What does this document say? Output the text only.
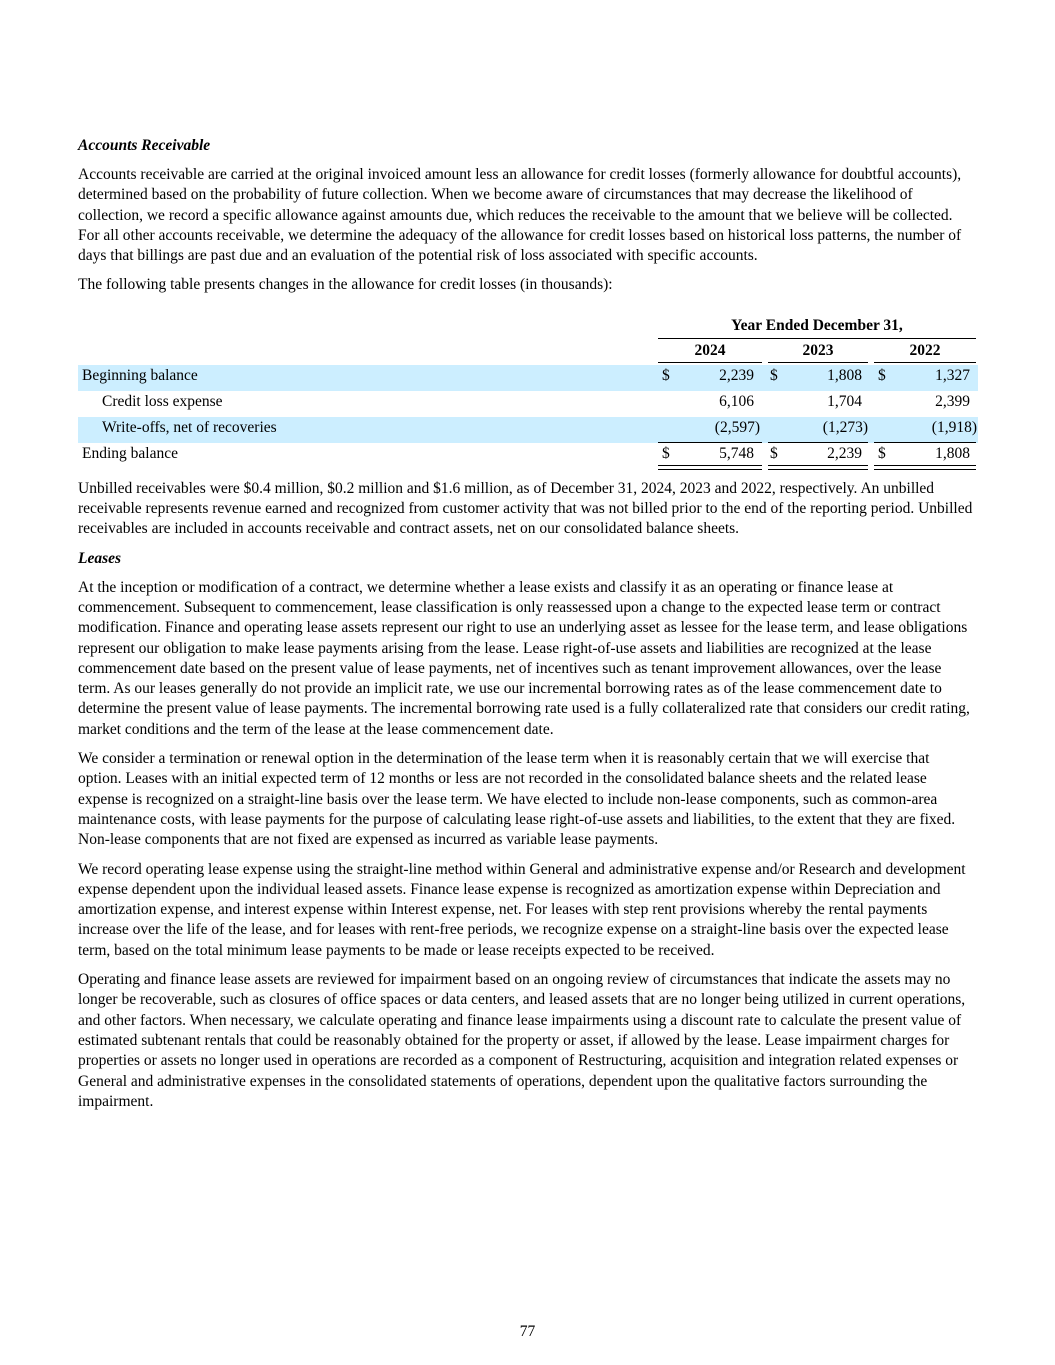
Accounts Receivable

Accounts receivable are carried at the original invoiced amount less an allowance for credit losses (formerly allowance for doubtful accounts), determined based on the probability of future collection. When we become aware of circumstances that may decrease the likelihood of collection, we record a specific allowance against amounts due, which reduces the receivable to the amount that we believe will be collected. For all other accounts receivable, we determine the adequacy of the allowance for credit losses based on historical loss patterns, the number of days that billings are past due and an evaluation of the potential risk of loss associated with specific accounts.

The following table presents changes in the allowance for credit losses (in thousands):

Year Ended December 31,
2024	2023	2022
Beginning balance	$	2,239 $	1,808 $	1,327
Credit loss expense	6,106	1,704	2,399
Write-offs, net of recoveries	(2,597)	(1,273)	(1,918)
Ending balance	$	5,748 $	2,239 $	1,808

Unbilled receivables were $0.4 million, $0.2 million and $1.6 million, as of December 31, 2024, 2023 and 2022, respectively. An unbilled receivable represents revenue earned and recognized from customer activity that was not billed prior to the end of the reporting period. Unbilled receivables are included in accounts receivable and contract assets, net on our consolidated balance sheets.

Leases

At the inception or modification of a contract, we determine whether a lease exists and classify it as an operating or finance lease at commencement. Subsequent to commencement, lease classification is only reassessed upon a change to the expected lease term or contract modification. Finance and operating lease assets represent our right to use an underlying asset as lessee for the lease term, and lease obligations represent our obligation to make lease payments arising from the lease. Lease right-of-use assets and liabilities are recognized at the lease commencement date based on the present value of lease payments, net of incentives such as tenant improvement allowances, over the lease term. As our leases generally do not provide an implicit rate, we use our incremental borrowing rates as of the lease commencement date to determine the present value of lease payments. The incremental borrowing rate used is a fully collateralized rate that considers our credit rating, market conditions and the term of the lease at the lease commencement date.

We consider a termination or renewal option in the determination of the lease term when it is reasonably certain that we will exercise that option. Leases with an initial expected term of 12 months or less are not recorded in the consolidated balance sheets and the related lease expense is recognized on a straight-line basis over the lease term. We have elected to include non-lease components, such as common-area maintenance costs, with lease payments for the purpose of calculating lease right-of-use assets and liabilities, to the extent that they are fixed. Non-lease components that are not fixed are expensed as incurred as variable lease payments.

We record operating lease expense using the straight-line method within General and administrative expense and/or Research and development expense dependent upon the individual leased assets. Finance lease expense is recognized as amortization expense within Depreciation and amortization expense, and interest expense within Interest expense, net. For leases with step rent provisions whereby the rental payments increase over the life of the lease, and for leases with rent-free periods, we recognize expense on a straight-line basis over the expected lease term, based on the total minimum lease payments to be made or lease receipts expected to be received.

Operating and finance lease assets are reviewed for impairment based on an ongoing review of circumstances that indicate the assets may no longer be recoverable, such as closures of office spaces or data centers, and leased assets that are no longer being utilized in current operations, and other factors. When necessary, we calculate operating and finance lease impairments using a discount rate to calculate the present value of estimated subtenant rentals that could be reasonably obtained for the property or asset, if allowed by the lease. Lease impairment charges for properties or assets no longer used in operations are recorded as a component of Restructuring, acquisition and integration related expenses or General and administrative expenses in the consolidated statements of operations, dependent upon the qualitative factors surrounding the impairment.

77
